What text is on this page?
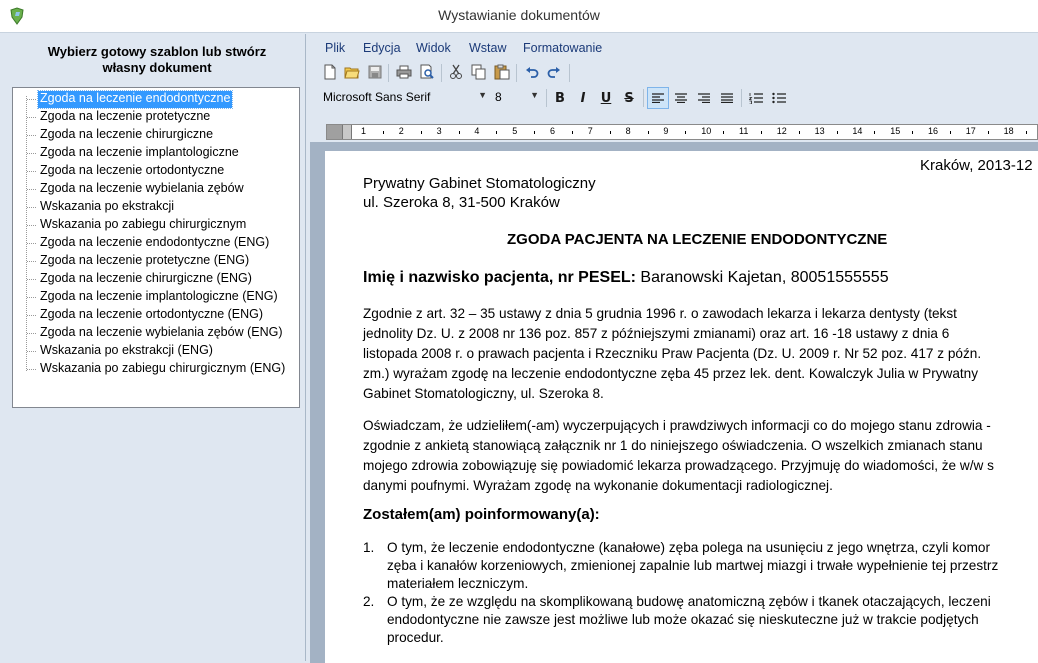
Wystawianie dokumentów
Wybierz gotowy szablon lub stwórz
własny dokument
Zgoda na leczenie endodontyczne
Zgoda na leczenie protetyczne
Zgoda na leczenie chirurgiczne
Zgoda na leczenie implantologiczne
Zgoda na leczenie ortodontyczne
Zgoda na leczenie wybielania zębów
Wskazania po ekstrakcji
Wskazania po zabiegu chirurgicznym
Zgoda na leczenie endodontyczne (ENG)
Zgoda na leczenie protetyczne (ENG)
Zgoda na leczenie chirurgiczne (ENG)
Zgoda na leczenie implantologiczne (ENG)
Zgoda na leczenie ortodontyczne (ENG)
Zgoda na leczenie wybielania zębów (ENG)
Wskazania po ekstrakcji (ENG)
Wskazania po zabiegu chirurgicznym (ENG)
Plik Edycja Widok Wstaw Formatowanie
Microsoft Sans Serif	▼ 8	▼	B	I	U	S
1	2	3	4	5	6	7	8	9	10	11	12	13	14	15	16	17	18

Kraków, 2013-12

Prywatny Gabinet Stomatologiczny

ul. Szeroka 8, 31-500 Kraków

ZGODA PACJENTA NA LECZENIE ENDODONTYCZNE

Imię i nazwisko pacjenta, nr PESEL: Baranowski Kajetan, 80051555555

Zgodnie z art. 32 – 35 ustawy z dnia 5 grudnia 1996 r. o zawodach lekarza i lekarza dentysty (tekst

jednolity Dz. U. z 2008 nr 136 poz. 857 z późniejszymi zmianami) oraz art. 16 -18 ustawy z dnia 6

listopada 2008 r. o prawach pacjenta i Rzeczniku Praw Pacjenta (Dz. U. 2009 r. Nr 52 poz. 417 z późn.

zm.) wyrażam zgodę na leczenie endodontyczne zęba 45 przez lek. dent. Kowalczyk Julia w Prywatny

Gabinet Stomatologiczny, ul. Szeroka 8.

Oświadczam, że udzieliłem(-am) wyczerpujących i prawdziwych informacji co do mojego stanu zdrowia -

zgodnie z ankietą stanowiącą załącznik nr 1 do niniejszego oświadczenia. O wszelkich zmianach stanu

mojego zdrowia zobowiązuję się powiadomić lekarza prowadzącego. Przyjmuję do wiadomości, że w/w s

danymi poufnymi. Wyrażam zgodę na wykonanie dokumentacji radiologicznej.

Zostałem(am) poinformowany(a):

1. O tym, że leczenie endodontyczne (kanałowe) zęba polega na usunięciu z jego wnętrza, czyli komor

zęba i kanałów korzeniowych, zmienionej zapalnie lub martwej miazgi i trwałe wypełnienie tej przestrz

materiałem leczniczym.

2. O tym, że ze względu na skomplikowaną budowę anatomiczną zębów i tkanek otaczających, leczeni

endodontyczne nie zawsze jest możliwe lub może okazać się nieskuteczne już w trakcie podjętych

procedur.
